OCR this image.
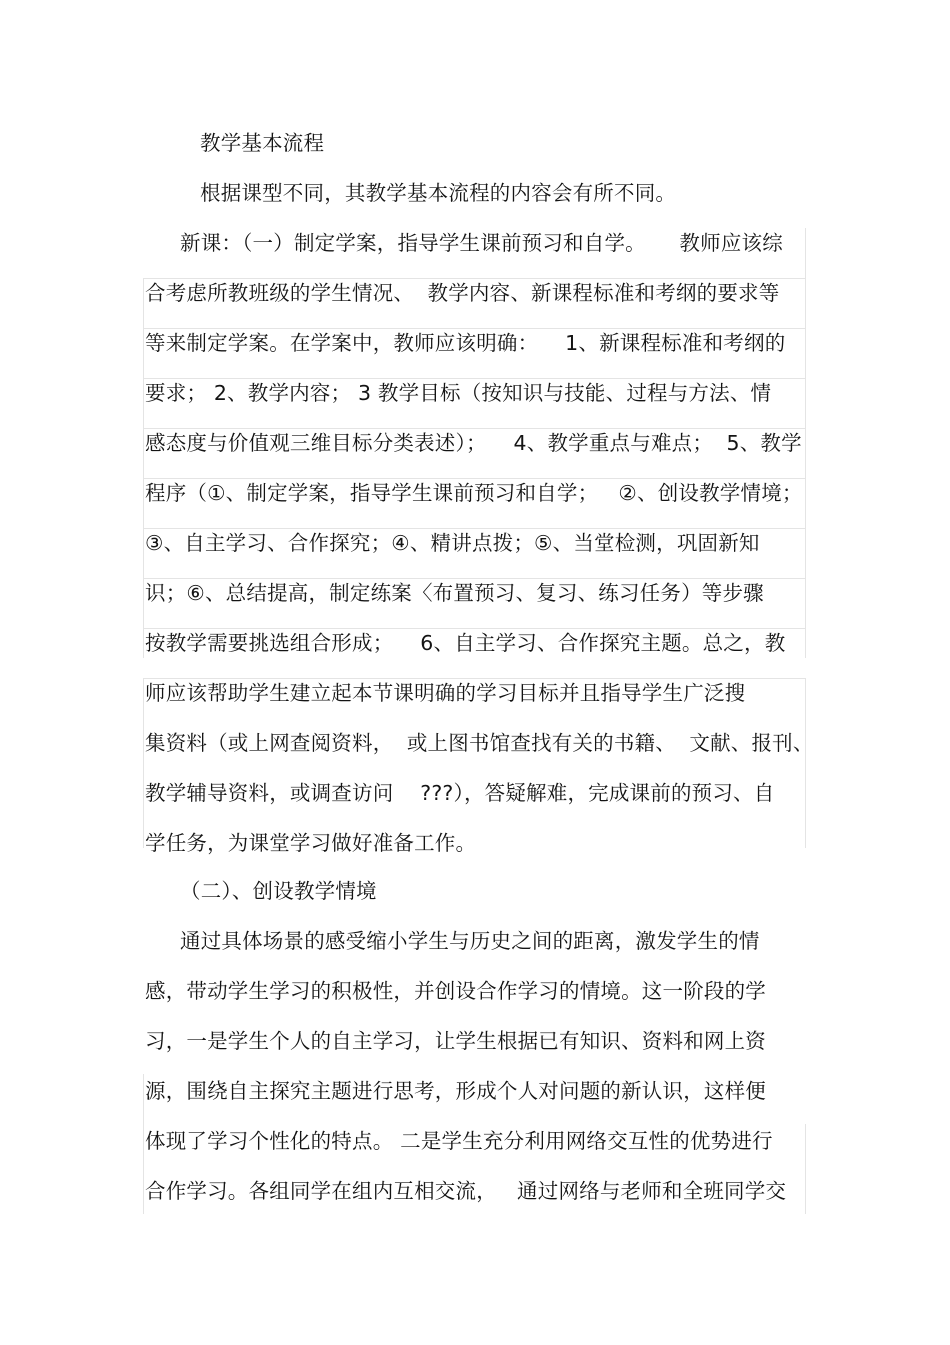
教学基本流程
根据课型不同，其教学基本流程的内容会有所不同。
新课：（一）制定学案，指导学生课前预习和自学。     教师应该综
合考虑所教班级的学生情况、  教学内容、新课程标准和考纲的要求等
等来制定学案。在学案中，教师应该明确：    1、新课程标准和考纲的
要求； 2、教学内容； 3 教学目标（按知识与技能、过程与方法、情
感态度与价值观三维目标分类表述）；    4、教学重点与难点；  5、教学
程序（①、制定学案，指导学生课前预习和自学；   ②、创设教学情境；
③、自主学习、合作探究；④、精讲点拨；⑤、当堂检测，巩固新知
识；⑥、总结提高，制定练案〈布置预习、复习、练习任务）等步骤
按教学需要挑选组合形成；    6、自主学习、合作探究主题。总之，教
师应该帮助学生建立起本节课明确的学习目标并且指导学生广泛搜
集资料（或上网查阅资料，  或上图书馆查找有关的书籍、  文献、报刊、
教学辅导资料，或调查访问    ???），答疑解难，完成课前的预习、自
学任务，为课堂学习做好准备工作。
（二）、创设教学情境
通过具体场景的感受缩小学生与历史之间的距离，激发学生的情
感，带动学生学习的积极性，并创设合作学习的情境。这一阶段的学
习，一是学生个人的自主学习，让学生根据已有知识、资料和网上资
源，围绕自主探究主题进行思考，形成个人对问题的新认识，这样便
体现了学习个性化的特点。 二是学生充分利用网络交互性的优势进行
合作学习。各组同学在组内互相交流，   通过网络与老师和全班同学交
